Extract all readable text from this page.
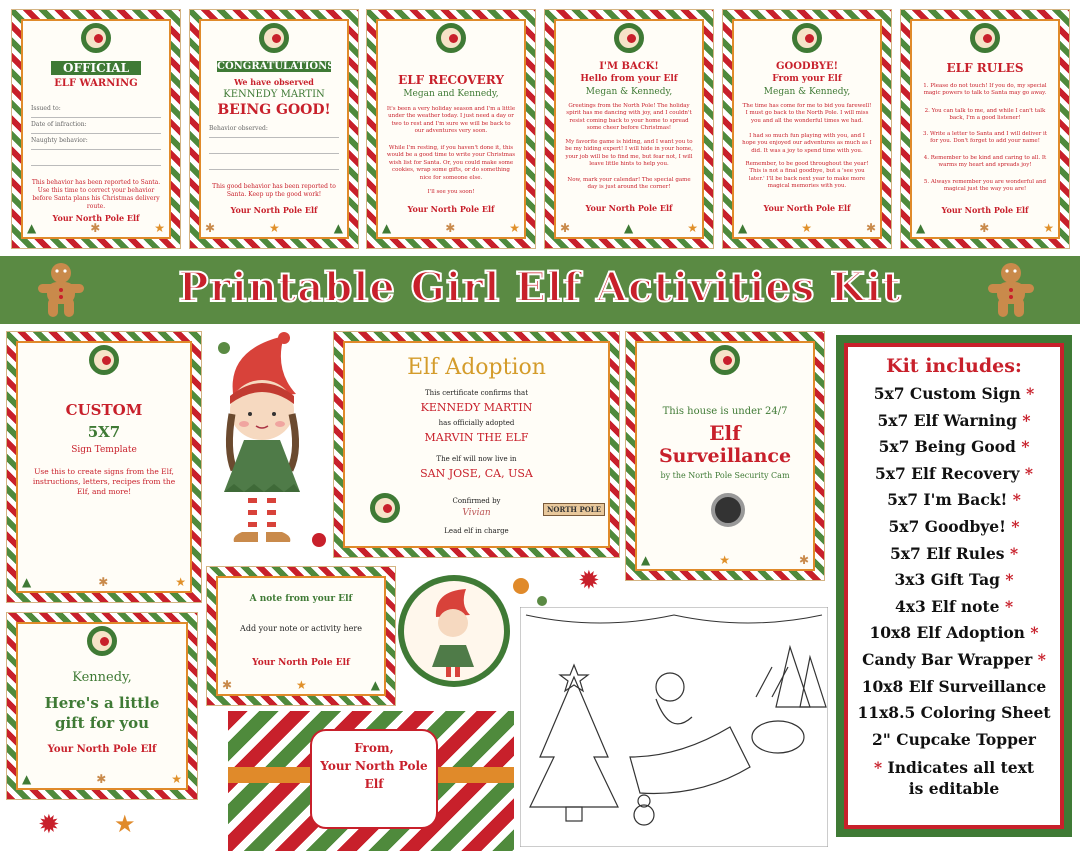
OFFICIAL
ELF WARNING
Issued to:
Date of infraction:
Naughty behavior:
This behavior has been reported to Santa. Use this time to correct your behavior before Santa plans his Christmas delivery route.
Your North Pole Elf
▲	✱	★
CONGRATULATIONS
We have observed
KENNEDY MARTIN
BEING GOOD!
Behavior observed:
This good behavior has been reported to Santa. Keep up the good work!
Your North Pole Elf
✱	★	▲
ELF RECOVERY
Megan and Kennedy,
It's been a very holiday season and I'm a little under the weather today. I just need a day or two to rest and I'm sure we will be back to our adventures very soon.
While I'm resting, if you haven't done it, this would be a good time to write your Christmas wish list for Santa. Or, you could make some cookies, wrap some gifts, or do something nice for someone else.
I'll see you soon!
Your North Pole Elf
▲	✱	★
I'M BACK!
Hello from your Elf
Megan & Kennedy,
Greetings from the North Pole! The holiday spirit has me dancing with joy, and I couldn't resist coming back to your home to spread some cheer before Christmas!
My favorite game is hiding, and I want you to be my hiding expert! I will hide in your home, your job will be to find me, but fear not, I will leave little hints to help you.
Now, mark your calendar! The special game day is just around the corner!
Your North Pole Elf
✱	▲	★
GOODBYE!
From your Elf
Megan & Kennedy,
The time has come for me to bid you farewell! I must go back to the North Pole. I will miss you and all the wonderful times we had.
I had so much fun playing with you, and I hope you enjoyed our adventures as much as I did. It was a joy to spend time with you.
Remember, to be good throughout the year! This is not a final goodbye, but a 'see you later.' I'll be back next year to make more magical memories with you.
Your North Pole Elf
▲	★	✱
ELF RULES
1. Please do not touch! If you do, my special magic powers to talk to Santa may go away.
2. You can talk to me, and while I can't talk back, I'm a good listener!
3. Write a letter to Santa and I will deliver it for you. Don't forget to add your name!
4. Remember to be kind and caring to all. It warms my heart and spreads joy!
5. Always remember you are wonderful and magical just the way you are!
Your North Pole Elf
▲	✱	★
Printable Girl Elf Activities Kit
CUSTOM
5X7
Sign Template
Use this to create signs from the Elf, instructions, letters, recipes from the Elf, and more!
▲	✱	★
Elf Adoption
This certificate confirms that
KENNEDY MARTIN
has officially adopted
MARVIN THE ELF
The elf will now live in
SAN JOSE, CA, USA
Confirmed by
Vivian
Lead elf in charge
NORTH POLE
This house is under 24/7
Elf
Surveillance
by the North Pole Security Cam
▲	★	✱
Kennedy,
Here's a little
gift for you
Your North Pole Elf
▲	✱	★
A note from your Elf
Add your note or activity here
Your North Pole Elf
✱	★	▲
From,
Your North Pole
Elf
✹ ★
✹
Kit includes:
5x7 Custom Sign *
5x7 Elf Warning *
5x7 Being Good *
5x7 Elf Recovery *
5x7 I'm Back! *
5x7 Goodbye! *
5x7 Elf Rules *
3x3 Gift Tag *
4x3 Elf note *
10x8 Elf Adoption *
Candy Bar Wrapper *
10x8 Elf Surveillance
11x8.5 Coloring Sheet
2" Cupcake Topper
* Indicates all text
is editable
